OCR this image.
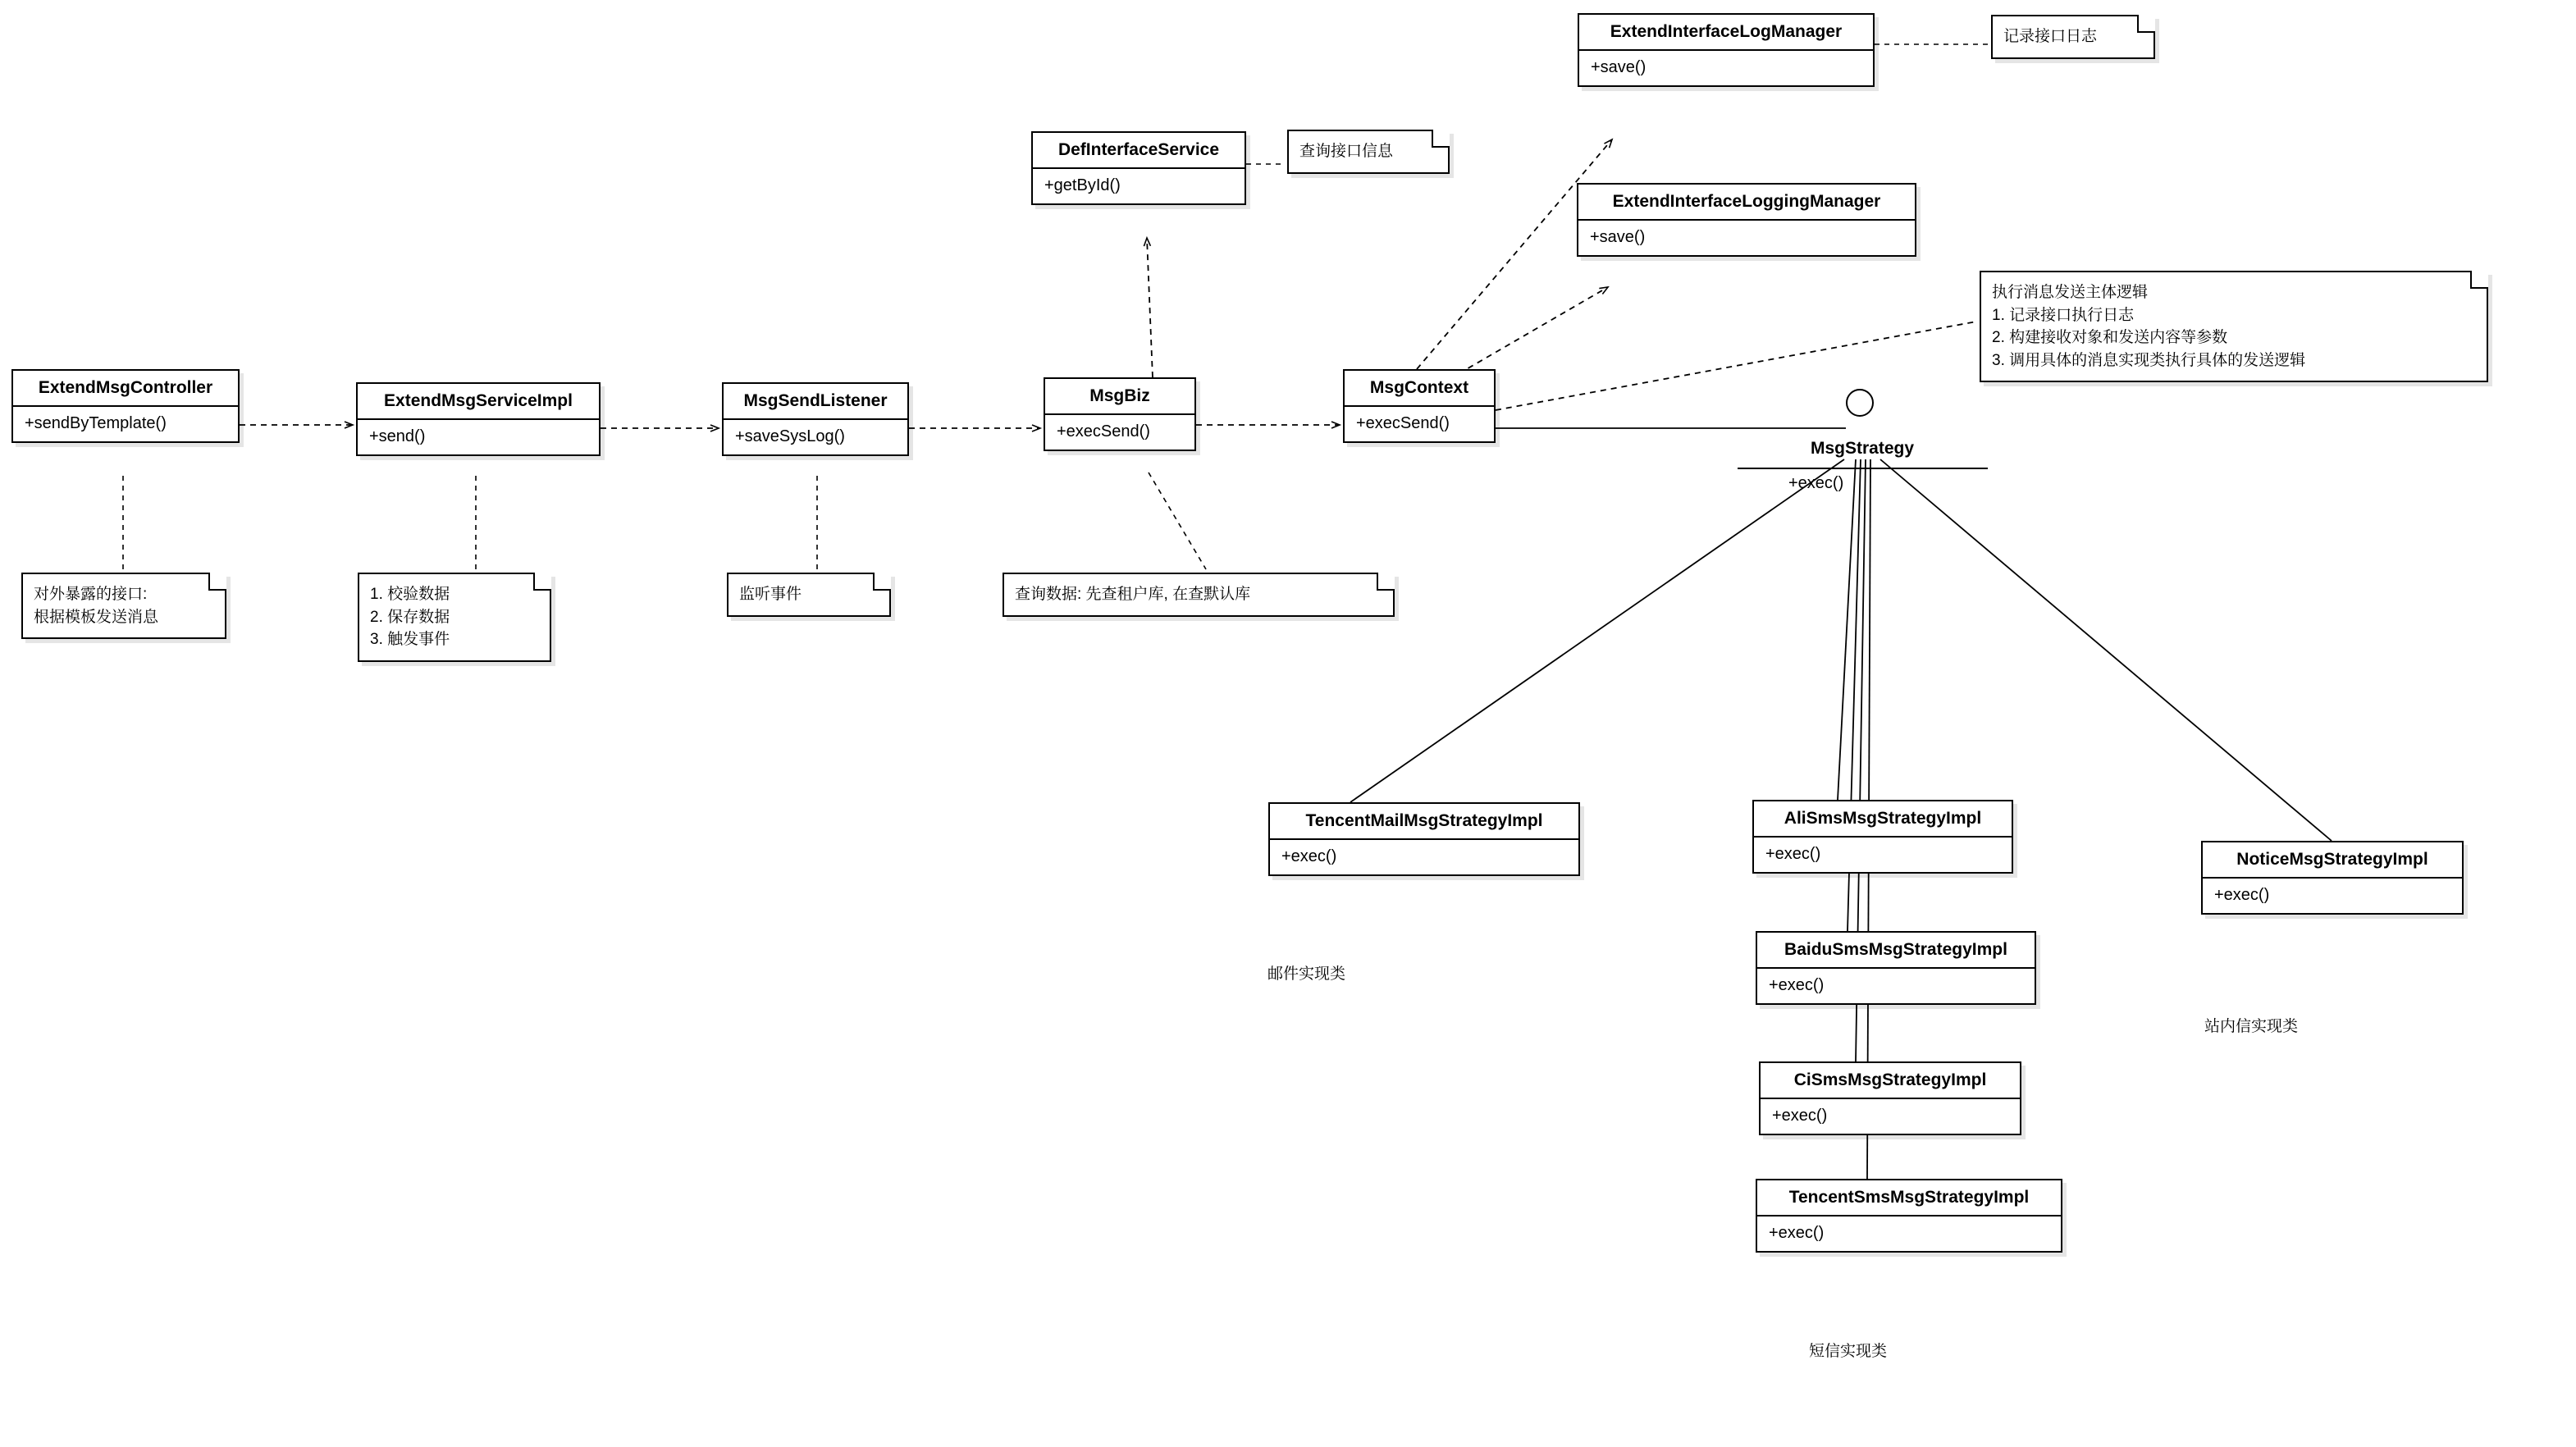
ExtendMsgController
+sendByTemplate()
ExtendMsgServiceImpl
+send()
MsgSendListener
+saveSysLog()
MsgBiz
+execSend()
MsgContext
+execSend()
DefInterfaceService
+getById()
ExtendInterfaceLogManager
+save()
ExtendInterfaceLoggingManager
+save()
TencentMailMsgStrategyImpl
+exec()
AliSmsMsgStrategyImpl
+exec()
BaiduSmsMsgStrategyImpl
+exec()
CiSmsMsgStrategyImpl
+exec()
TencentSmsMsgStrategyImpl
+exec()
NoticeMsgStrategyImpl
+exec()
MsgStrategy
+exec()
对外暴露的接口:
根据模板发送消息
1. 校验数据
2. 保存数据
3. 触发事件
监听事件	查询数据: 先查租户库, 在查默认库
查询接口信息
记录接口日志
执行消息发送主体逻辑
1. 记录接口执行日志
2. 构建接收对象和发送内容等参数
3. 调用具体的消息实现类执行具体的发送逻辑
邮件实现类
站内信实现类
短信实现类
